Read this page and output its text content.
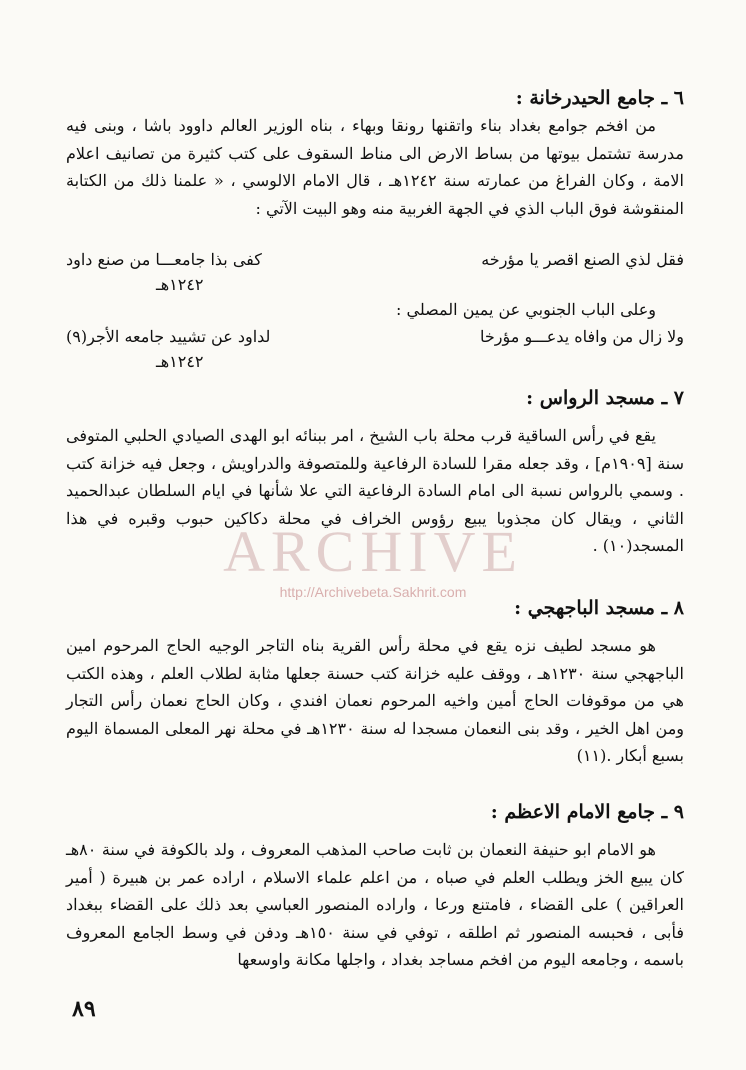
٦ ـ جامع الحيدرخانة :

من افخم جوامع بغداد بناء واتقنها رونقا وبهاء ، بناه الوزير العالم داوود باشا ، وبنى فيه مدرسة تشتمل بيوتها من بساط الارض الى مناط السقوف على كتب كثيرة من تصانيف اعلام الامة ، وكان الفراغ من عمارته سنة ١٢٤٢هـ ، قال الامام الالوسي ، « علمنا ذلك من الكتابة المنقوشة فوق الباب الذي في الجهة الغربية منه وهو البيت الآتي :

فقل لذي الصنع اقصر يا مؤرخه
كفى بذا جامعـــا من صنع داود
١٢٤٢هـ
وعلى الباب الجنوبي عن يمين المصلي :
ولا زال من وافاه يدعـــو مؤرخا
لداود عن تشييد جامعه الأجر(٩)
١٢٤٢هـ
٧ ـ مسجد الرواس :

يقع في رأس الساقية قرب محلة باب الشيخ ، امر ببنائه ابو الهدى الصيادي الحلبي المتوفى سنة [١٩٠٩م] ، وقد جعله مقرا للسادة الرفاعية وللمتصوفة والدراويش ، وجعل فيه خزانة كتب . وسمي بالرواس نسبة الى امام السادة الرفاعية التي علا شأنها في ايام السلطان عبدالحميد الثاني ، ويقال كان مجذوبا يبيع رؤوس الخراف في محلة دكاكين حبوب وقبره في هذا المسجد(١٠) .

٨ ـ مسجد الباجهجي :

هو مسجد لطيف نزه يقع في محلة رأس القرية بناه التاجر الوجيه الحاج المرحوم امين الباجهجي سنة ١٢٣٠هـ ، ووقف عليه خزانة كتب حسنة جعلها مثابة لطلاب العلم ، وهذه الكتب هي من موقوفات الحاج أمين واخيه المرحوم نعمان افندي ، وكان الحاج نعمان رأس التجار ومن اهل الخير ، وقد بنى النعمان مسجدا له سنة ١٢٣٠هـ في محلة نهر المعلى المسماة اليوم بسبع أبكار .(١١)

٩ ـ جامع الامام الاعظم :

هو الامام ابو حنيفة النعمان بن ثابت صاحب المذهب المعروف ، ولد بالكوفة في سنة ٨٠هـ كان يبيع الخز ويطلب العلم في صباه ، من اعلم علماء الاسلام ، اراده عمر بن هبيرة ( أمير العراقين ) على القضاء ، فامتنع ورعا ، واراده المنصور العباسي بعد ذلك على القضاء ببغداد فأبى ، فحبسه المنصور ثم اطلقه ، توفي في سنة ١٥٠هـ ودفن في وسط الجامع المعروف باسمه ، وجامعه اليوم من افخم مساجد بغداد ، واجلها مكانة واوسعها

٨٩
ARCHIVE
http://Archivebeta.Sakhrit.com
